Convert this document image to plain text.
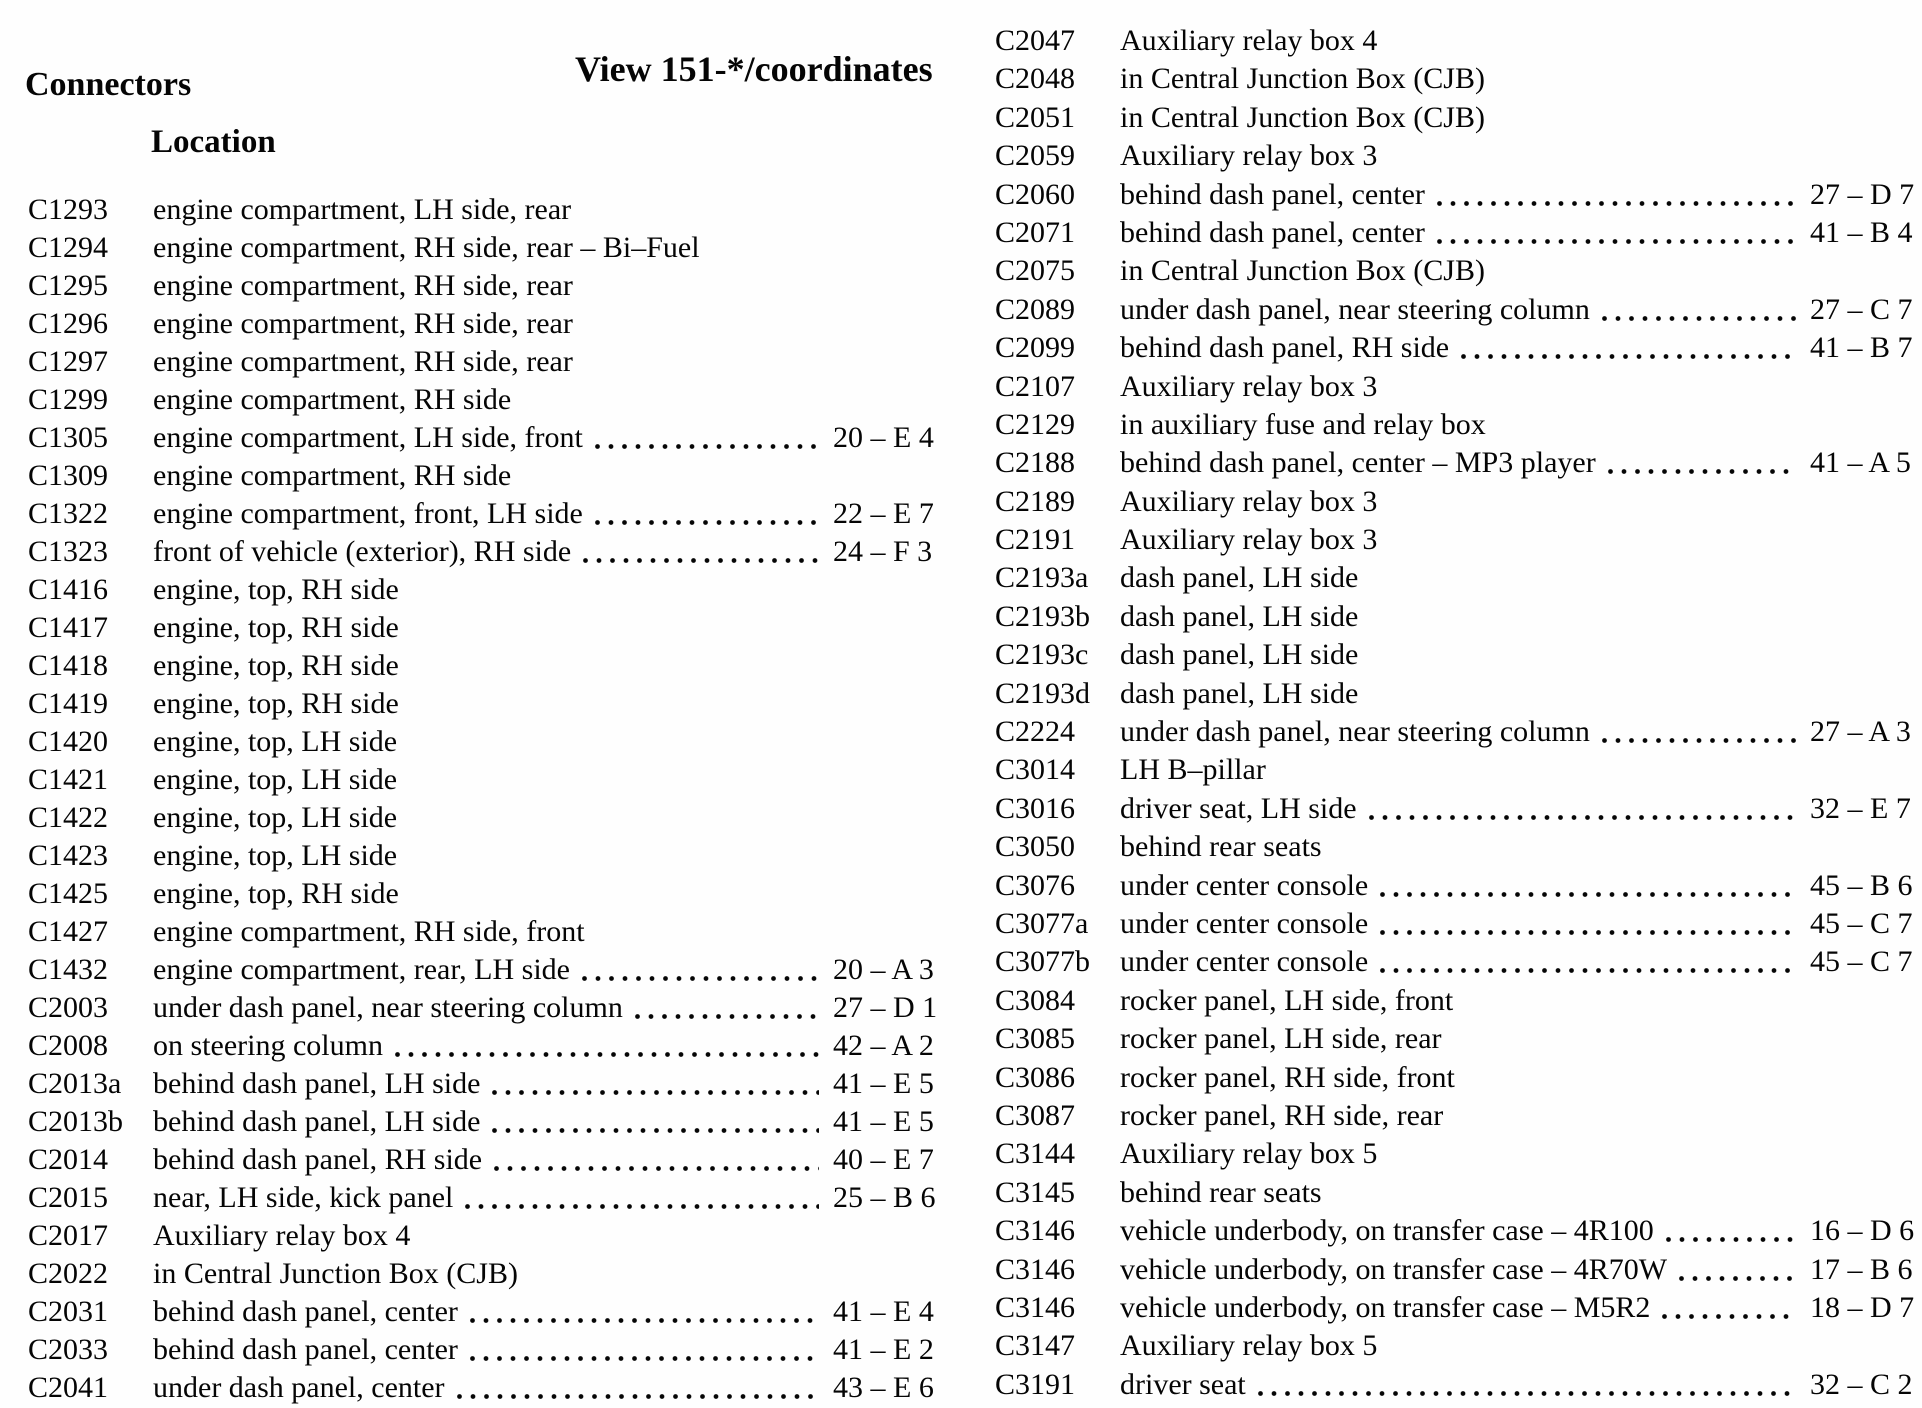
View 151-*/coordinates
Connectors
Location
C1293	engine compartment, LH side, rear
C1294	engine compartment, RH side, rear – Bi–Fuel
C1295	engine compartment, RH side, rear
C1296	engine compartment, RH side, rear
C1297	engine compartment, RH side, rear
C1299	engine compartment, RH side
C1305	engine compartment, LH side, front	20 – E 4
C1309	engine compartment, RH side
C1322	engine compartment, front, LH side	22 – E 7
C1323	front of vehicle (exterior), RH side	24 – F 3
C1416	engine, top, RH side
C1417	engine, top, RH side
C1418	engine, top, RH side
C1419	engine, top, RH side
C1420	engine, top, LH side
C1421	engine, top, LH side
C1422	engine, top, LH side
C1423	engine, top, LH side
C1425	engine, top, RH side
C1427	engine compartment, RH side, front
C1432	engine compartment, rear, LH side	20 – A 3
C2003	under dash panel, near steering column	27 – D 1
C2008	on steering column	42 – A 2
C2013a	behind dash panel, LH side	41 – E 5
C2013b behind dash panel, LH side	41 – E 5
C2014	behind dash panel, RH side	40 – E 7
C2015	near, LH side, kick panel	25 – B 6
C2017	Auxiliary relay box 4
C2022	in Central Junction Box (CJB)
C2031	behind dash panel, center	41 – E 4
C2033	behind dash panel, center	41 – E 2
C2041	under dash panel, center	43 – E 6
C2047	Auxiliary relay box 4
C2048	in Central Junction Box (CJB)
C2051	in Central Junction Box (CJB)
C2059	Auxiliary relay box 3
C2060	behind dash panel, center	27 – D 7
C2071	behind dash panel, center	41 – B 4
C2075	in Central Junction Box (CJB)
C2089	under dash panel, near steering column	27 – C 7
C2099	behind dash panel, RH side	41 – B 7
C2107	Auxiliary relay box 3
C2129	in auxiliary fuse and relay box
C2188	behind dash panel, center – MP3 player	41 – A 5
C2189	Auxiliary relay box 3
C2191	Auxiliary relay box 3
C2193a	dash panel, LH side
C2193b dash panel, LH side
C2193c	dash panel, LH side
C2193d dash panel, LH side
C2224	under dash panel, near steering column	27 – A 3
C3014	LH B–pillar
C3016	driver seat, LH side	32 – E 7
C3050	behind rear seats
C3076	under center console	45 – B 6
C3077a	under center console	45 – C 7
C3077b under center console	45 – C 7
C3084	rocker panel, LH side, front
C3085	rocker panel, LH side, rear
C3086	rocker panel, RH side, front
C3087	rocker panel, RH side, rear
C3144	Auxiliary relay box 5
C3145	behind rear seats
C3146	vehicle underbody, on transfer case – 4R100	16 – D 6
C3146	vehicle underbody, on transfer case – 4R70W	17 – B 6
C3146	vehicle underbody, on transfer case – M5R2	18 – D 7
C3147	Auxiliary relay box 5
C3191	driver seat	32 – C 2
